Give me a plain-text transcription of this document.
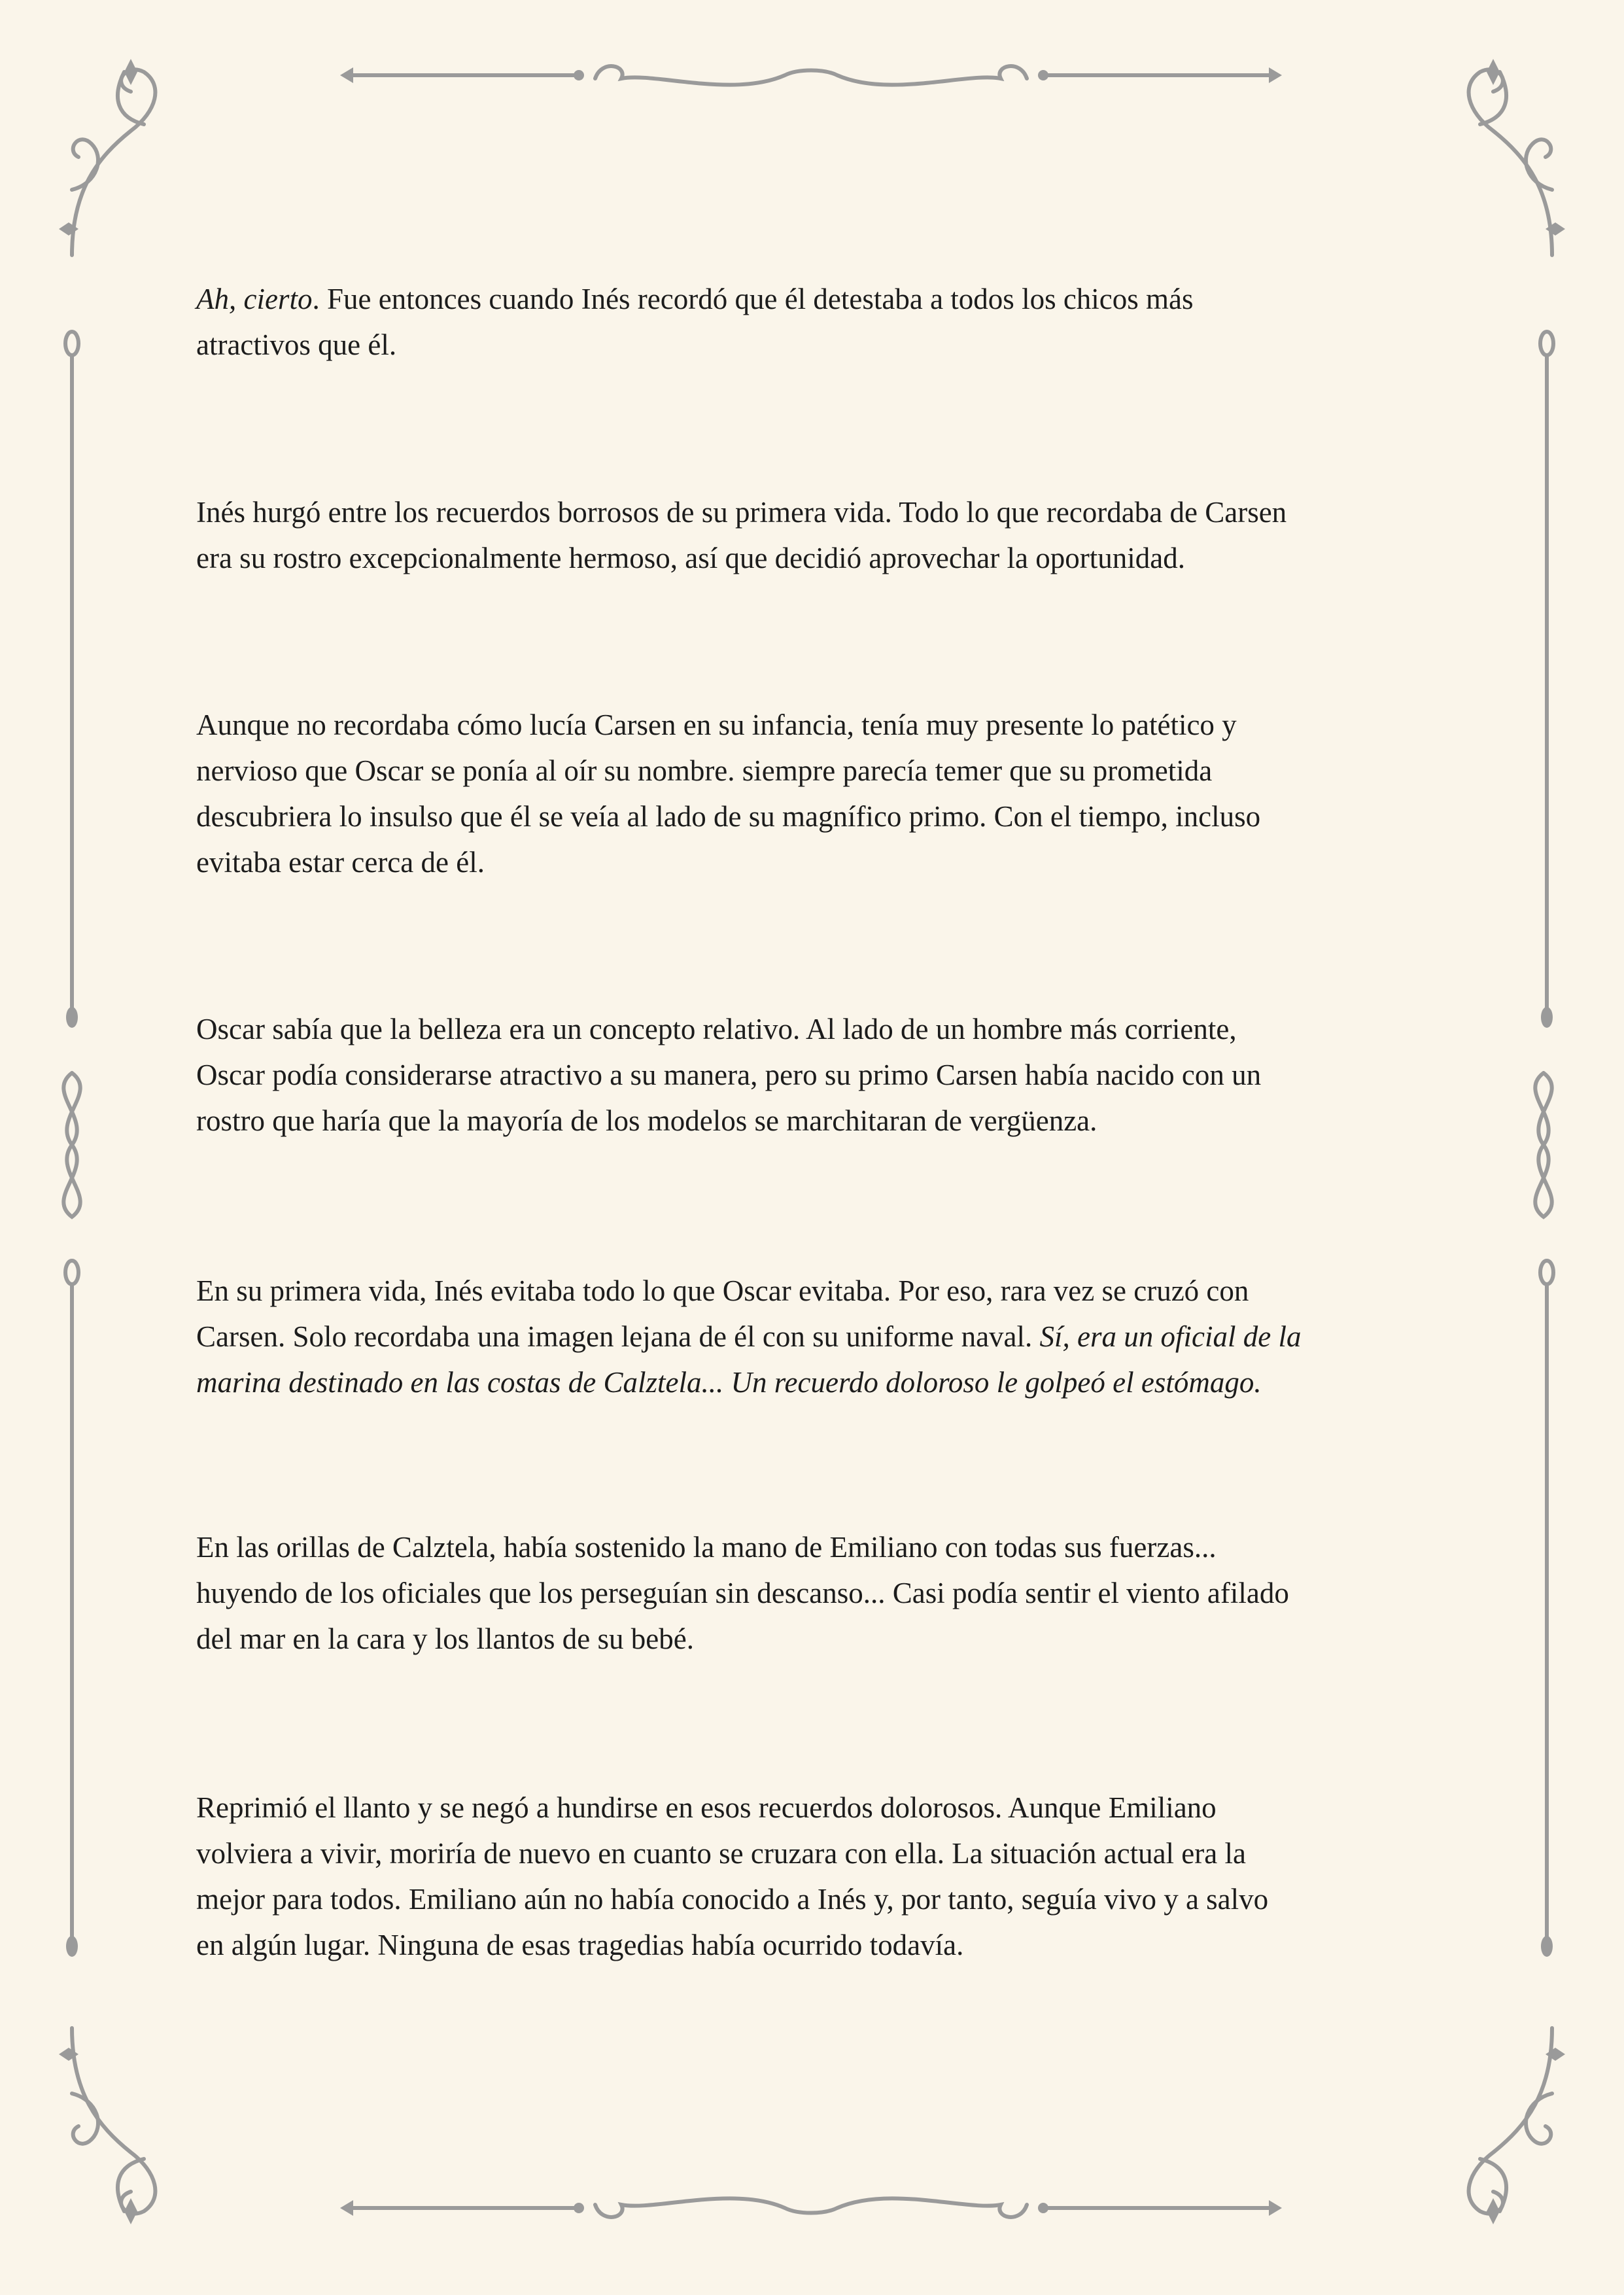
Ah, cierto. Fue entonces cuando Inés recordó que él detestaba a todos los chicos más
atractivos que él.
Inés hurgó entre los recuerdos borrosos de su primera vida. Todo lo que recordaba de Carsen
era su rostro excepcionalmente hermoso, así que decidió aprovechar la oportunidad.
Aunque no recordaba cómo lucía Carsen en su infancia, tenía muy presente lo patético y
nervioso que Oscar se ponía al oír su nombre. siempre parecía temer que su prometida
descubriera lo insulso que él se veía al lado de su magnífico primo. Con el tiempo, incluso
evitaba estar cerca de él.
Oscar sabía que la belleza era un concepto relativo. Al lado de un hombre más corriente,
Oscar podía considerarse atractivo a su manera, pero su primo Carsen había nacido con un
rostro que haría que la mayoría de los modelos se marchitaran de vergüenza.
En su primera vida, Inés evitaba todo lo que Oscar evitaba. Por eso, rara vez se cruzó con
Carsen. Solo recordaba una imagen lejana de él con su uniforme naval. Sí, era un oficial de la
marina destinado en las costas de Calztela... Un recuerdo doloroso le golpeó el estómago.
En las orillas de Calztela, había sostenido la mano de Emiliano con todas sus fuerzas...
huyendo de los oficiales que los perseguían sin descanso... Casi podía sentir el viento afilado
del mar en la cara y los llantos de su bebé.
Reprimió el llanto y se negó a hundirse en esos recuerdos dolorosos. Aunque Emiliano
volviera a vivir, moriría de nuevo en cuanto se cruzara con ella. La situación actual era la
mejor para todos. Emiliano aún no había conocido a Inés y, por tanto, seguía vivo y a salvo
en algún lugar. Ninguna de esas tragedias había ocurrido todavía.
